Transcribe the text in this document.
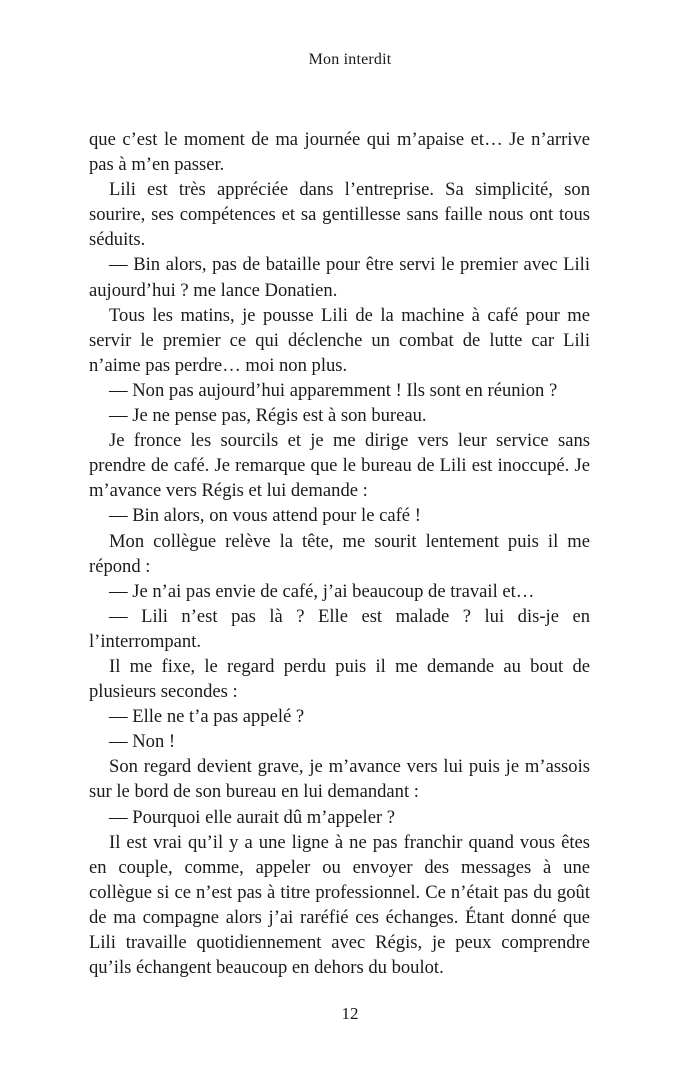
Mon interdit

que c’est le moment de ma journée qui m’apaise et… Je n’arrive pas à m’en passer.

Lili est très appréciée dans l’entreprise. Sa simplicité, son sourire, ses compétences et sa gentillesse sans faille nous ont tous séduits.

— Bin alors, pas de bataille pour être servi le premier avec Lili aujourd’hui ? me lance Donatien.

Tous les matins, je pousse Lili de la machine à café pour me servir le premier ce qui déclenche un combat de lutte car Lili n’aime pas perdre… moi non plus.

— Non pas aujourd’hui apparemment ! Ils sont en réunion ?

— Je ne pense pas, Régis est à son bureau.

Je fronce les sourcils et je me dirige vers leur service sans prendre de café. Je remarque que le bureau de Lili est inoccupé. Je m’avance vers Régis et lui demande :

— Bin alors, on vous attend pour le café !

Mon collègue relève la tête, me sourit lentement puis il me répond :

— Je n’ai pas envie de café, j’ai beaucoup de travail et…

— Lili n’est pas là ? Elle est malade ? lui dis-je en l’interrompant.

Il me fixe, le regard perdu puis il me demande au bout de plusieurs secondes :

— Elle ne t’a pas appelé ?

— Non !

Son regard devient grave, je m’avance vers lui puis je m’assois sur le bord de son bureau en lui demandant :

— Pourquoi elle aurait dû m’appeler ?

Il est vrai qu’il y a une ligne à ne pas franchir quand vous êtes en couple, comme, appeler ou envoyer des messages à une collègue si ce n’est pas à titre professionnel. Ce n’était pas du goût de ma compagne alors j’ai raréfié ces échanges. Étant donné que Lili travaille quotidiennement avec Régis, je peux comprendre qu’ils échangent beaucoup en dehors du boulot.

12
